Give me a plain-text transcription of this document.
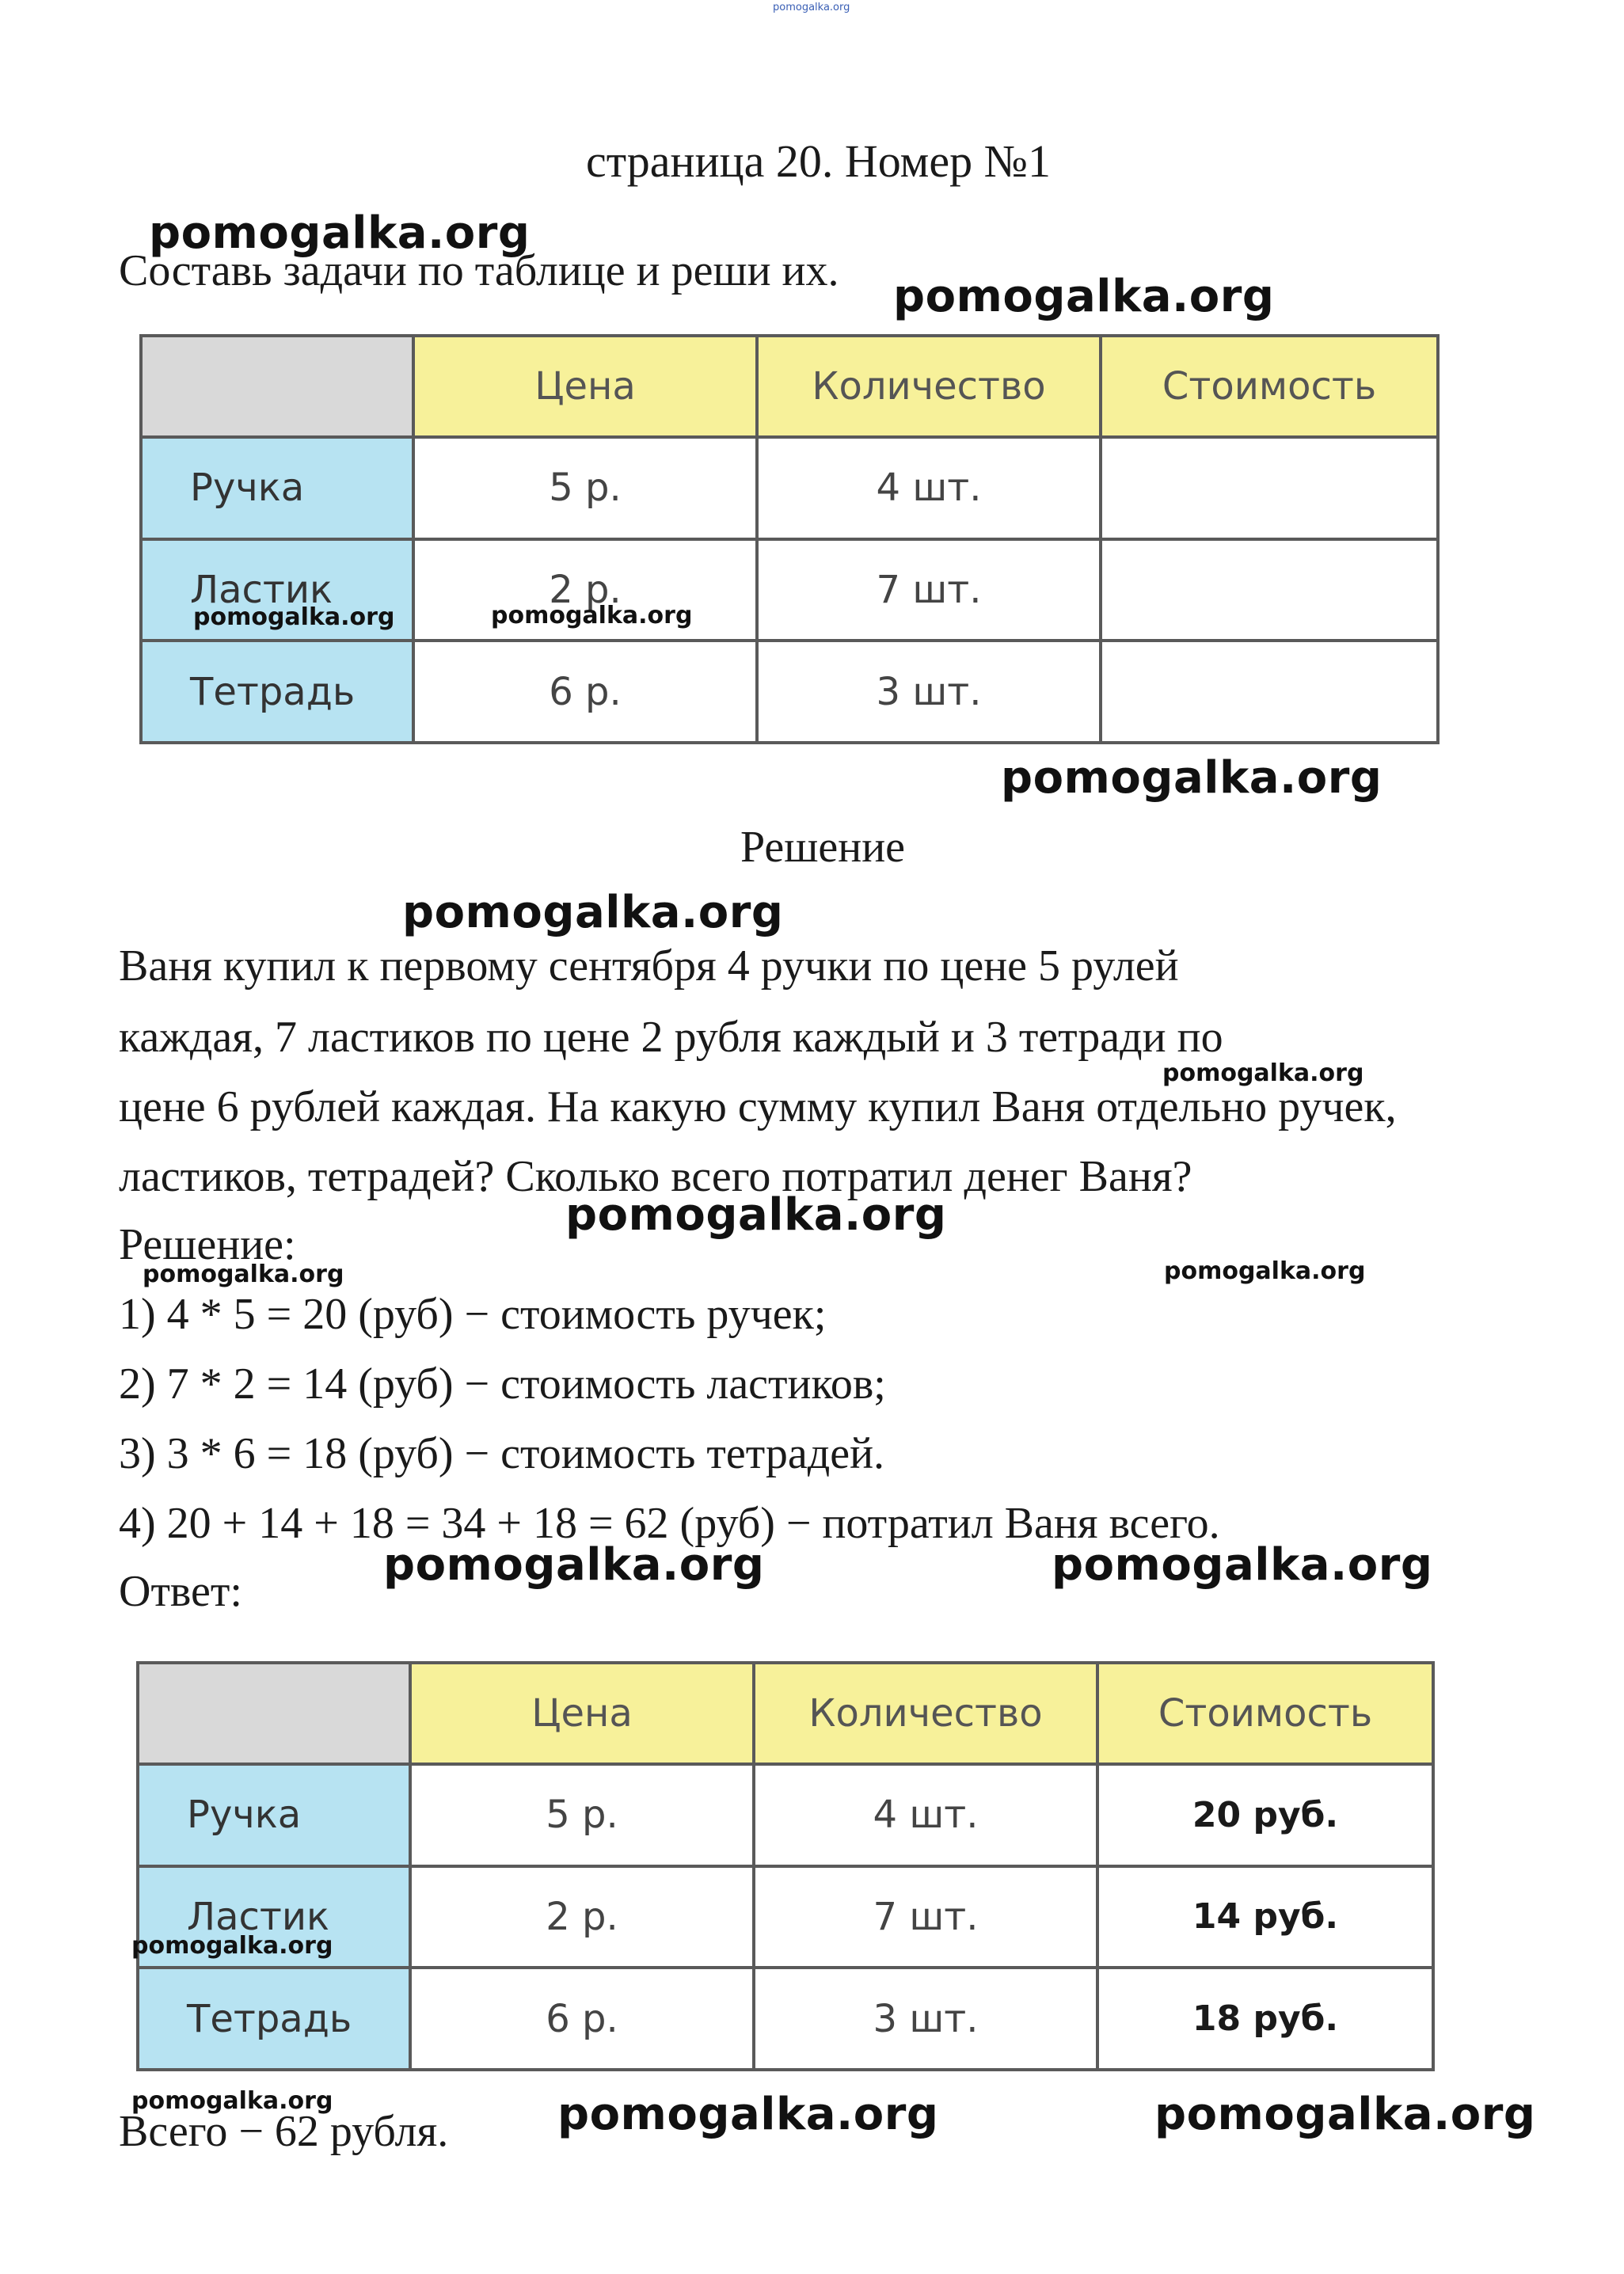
pomogalka.org
страница 20. Номер №1
Составь задачи по таблице и реши их.
	Цена	Количество	Стоимость
Ручка	5 р.	4 шт.	
Ластик	2 р.	7 шт.	
Тетрадь	6 р.	3 шт.	
Решение
Ваня купил к первому сентября 4 ручки по цене 5 рулей
каждая, 7 ластиков по цене 2 рубля каждый и 3 тетради по
цене 6 рублей каждая. На какую сумму купил Ваня отдельно ручек,
ластиков, тетрадей? Сколько всего потратил денег Ваня?
Решение:
1) 4 * 5 = 20 (руб) − стоимость ручек;
2) 7 * 2 = 14 (руб) − стоимость ластиков;
3) 3 * 6 = 18 (руб) − стоимость тетрадей.
4) 20 + 14 + 18 = 34 + 18 = 62 (руб) − потратил Ваня всего.
Ответ:
	Цена	Количество	Стоимость
Ручка	5 р.	4 шт.	20 руб.
Ластик	2 р.	7 шт.	14 руб.
Тетрадь	6 р.	3 шт.	18 руб.
Всего − 62 рубля.
pomogalka.org
pomogalka.org
pomogalka.org	pomogalka.org
pomogalka.org
pomogalka.org
pomogalka.org
pomogalka.org
pomogalka.org	pomogalka.org
pomogalka.org	pomogalka.org
pomogalka.org
pomogalka.org	pomogalka.org	pomogalka.org
